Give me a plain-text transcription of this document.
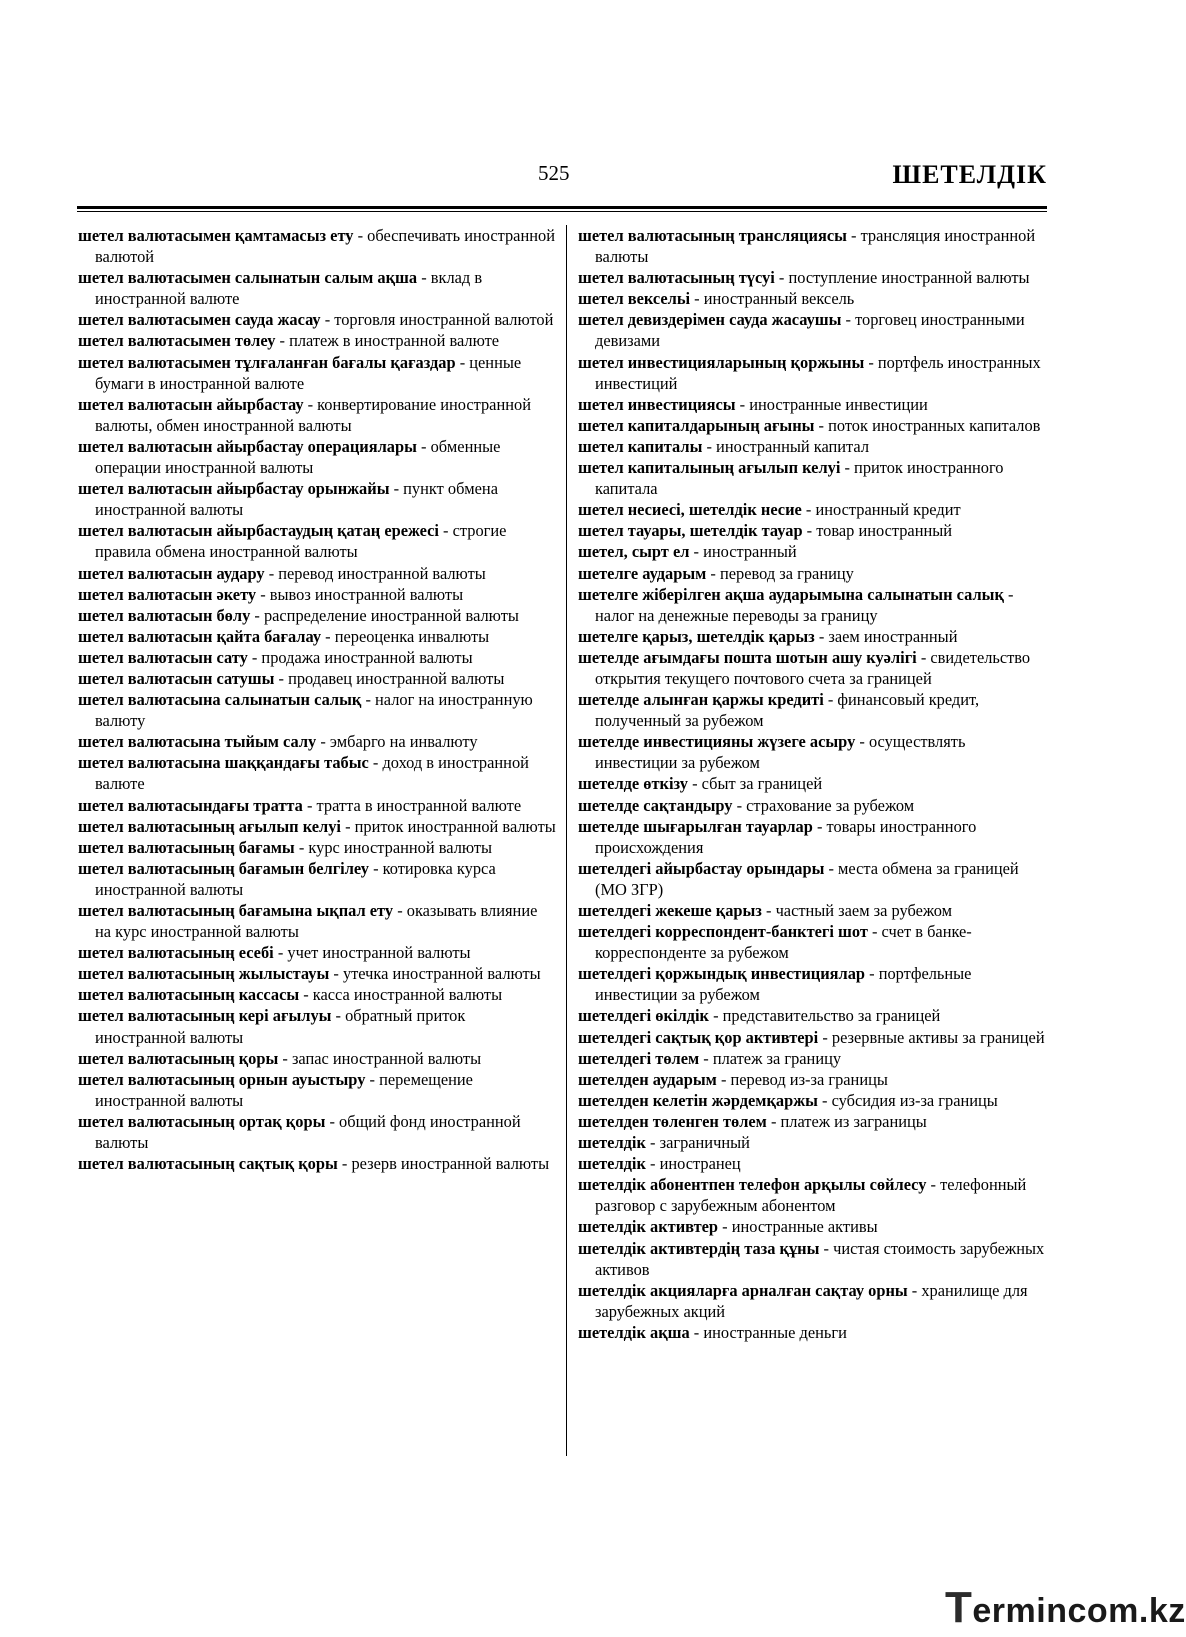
525	ШЕТЕЛДІК

шетел валютасымен қамтамасыз ету - обеспечивать иностранной валютой

шетел валютасымен салынатын салым ақша - вклад в иностранной валюте

шетел валютасымен сауда жасау - торговля иностранной валютой

шетел валютасымен төлеу - платеж в иностранной валюте

шетел валютасымен тұлғаланған бағалы қағаздар - ценные бумаги в иностранной валюте

шетел валютасын айырбастау - конвертирование иностранной валюты, обмен иностранной валюты

шетел валютасын айырбастау операциялары - обменные операции иностранной валюты

шетел валютасын айырбастау орынжайы - пункт обмена иностранной валюты

шетел валютасын айырбастаудың қатаң ережесі - строгие правила обмена иностранной валюты

шетел валютасын аудару - перевод иностранной валюты

шетел валютасын әкету - вывоз иностранной валюты

шетел валютасын бөлу - распределение иностранной валюты

шетел валютасын қайта бағалау - переоценка инвалюты

шетел валютасын сату - продажа иностранной валюты

шетел валютасын сатушы - продавец иностранной валюты

шетел валютасына салынатын салық - налог на иностранную валюту

шетел валютасына тыйым салу - эмбарго на инвалюту

шетел валютасына шаққандағы табыс - доход в иностранной валюте

шетел валютасындағы тратта - тратта в иностранной валюте

шетел валютасының ағылып келуі - приток иностранной валюты

шетел валютасының бағамы - курс иностранной валюты

шетел валютасының бағамын белгілеу - котировка курса иностранной валюты

шетел валютасының бағамына ықпал ету - оказывать влияние на курс иностранной валюты

шетел валютасының есебі - учет иностранной валюты

шетел валютасының жылыстауы - утечка иностранной валюты

шетел валютасының кассасы - касса иностранной валюты

шетел валютасының кері ағылуы - обратный приток иностранной валюты

шетел валютасының қоры - запас иностранной валюты

шетел валютасының орнын ауыстыру - перемещение иностранной валюты

шетел валютасының ортақ қоры - общий фонд иностранной валюты

шетел валютасының сақтық қоры - резерв иностранной валюты

шетел валютасының трансляциясы - трансляция иностранной валюты

шетел валютасының түсуі - поступление иностранной валюты

шетел вексельі - иностранный вексель

шетел девиздерімен сауда жасаушы - торговец иностранными девизами

шетел инвестицияларының қоржыны - портфель иностранных инвестиций

шетел инвестициясы - иностранные инвестиции

шетел капиталдарының ағыны - поток иностранных капиталов

шетел капиталы - иностранный капитал

шетел капиталының ағылып келуі - приток иностранного капитала

шетел несиесі, шетелдік несие - иностранный кредит

шетел тауары, шетелдік тауар - товар иностранный

шетел, сырт ел - иностранный

шетелге аударым - перевод за границу

шетелге жіберілген ақша аударымына салынатын салық - налог на денежные переводы за границу

шетелге қарыз, шетелдік қарыз - заем иностранный

шетелде ағымдағы пошта шотын ашу куәлігі - свидетельство открытия текущего почтового счета за границей

шетелде алынған қаржы кредиті - финансовый кредит, полученный за рубежом

шетелде инвестицияны жүзеге асыру - осуществлять инвестиции за рубежом

шетелде өткізу - сбыт за границей

шетелде сақтандыру - страхование за рубежом

шетелде шығарылған тауарлар - товары иностранного происхождения

шетелдегі айырбастау орындары - места обмена за границей (МО ЗГР)

шетелдегі жекеше қарыз - частный заем за рубежом

шетелдегі корреспондент-банктегі шот - счет в банке-корреспонденте за рубежом

шетелдегі қоржындық инвестициялар - портфельные инвестиции за рубежом

шетелдегі өкілдік - представительство за границей

шетелдегі сақтық қор активтері - резервные активы за границей

шетелдегі төлем - платеж за границу

шетелден аударым - перевод из-за границы

шетелден келетін жәрдемқаржы - субсидия из-за границы

шетелден төленген төлем - платеж из заграницы

шетелдік - заграничный

шетелдік - иностранец

шетелдік абонентпен телефон арқылы сөйлесу - телефонный разговор с зарубежным абонентом

шетелдік активтер - иностранные активы

шетелдік активтердің таза құны - чистая стоимость зарубежных активов

шетелдік акцияларға арналған сақтау орны - хранилище для зарубежных акций

шетелдік ақша - иностранные деньги

Termincom.kz
